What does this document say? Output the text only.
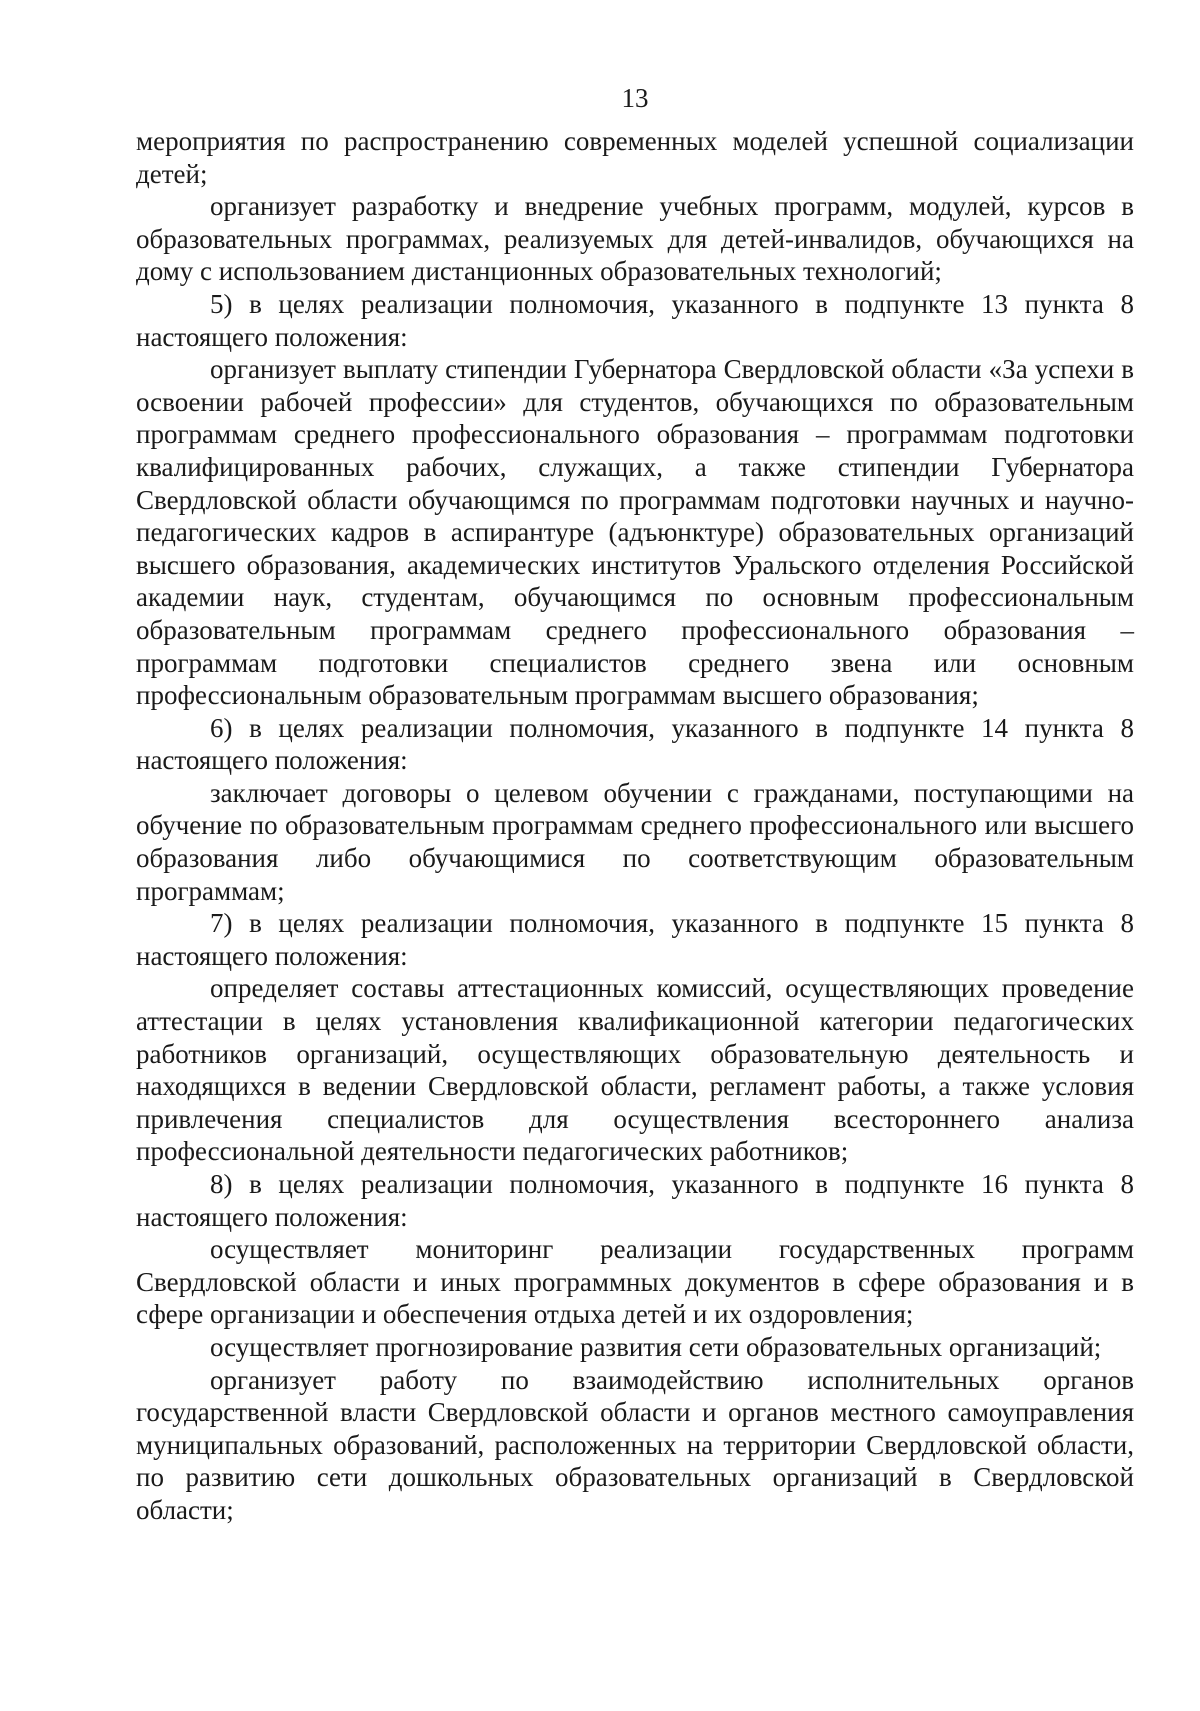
13

мероприятия по распространению современных моделей успешной социализации детей;

организует разработку и внедрение учебных программ, модулей, курсов в образовательных программах, реализуемых для детей-инвалидов, обучающихся на дому с использованием дистанционных образовательных технологий;

5) в целях реализации полномочия, указанного в подпункте 13 пункта 8 настоящего положения:

организует выплату стипендии Губернатора Свердловской области «За успехи в освоении рабочей профессии» для студентов, обучающихся по образовательным программам среднего профессионального образования – программам подготовки квалифицированных рабочих, служащих, а также стипендии Губернатора Свердловской области обучающимся по программам подготовки научных и научно-педагогических кадров в аспирантуре (адъюнктуре) образовательных организаций высшего образования, академических институтов Уральского отделения Российской академии наук, студентам, обучающимся по основным профессиональным образовательным программам среднего профессионального образования – программам подготовки специалистов среднего звена или основным профессиональным образовательным программам высшего образования;

6) в целях реализации полномочия, указанного в подпункте 14 пункта 8 настоящего положения:

заключает договоры о целевом обучении с гражданами, поступающими на обучение по образовательным программам среднего профессионального или высшего образования либо обучающимися по соответствующим образовательным программам;

7) в целях реализации полномочия, указанного в подпункте 15 пункта 8 настоящего положения:

определяет составы аттестационных комиссий, осуществляющих проведение аттестации в целях установления квалификационной категории педагогических работников организаций, осуществляющих образовательную деятельность и находящихся в ведении Свердловской области, регламент работы, а также условия привлечения специалистов для осуществления всестороннего анализа профессиональной деятельности педагогических работников;

8) в целях реализации полномочия, указанного в подпункте 16 пункта 8 настоящего положения:

осуществляет мониторинг реализации государственных программ Свердловской области и иных программных документов в сфере образования и в сфере организации и обеспечения отдыха детей и их оздоровления;

осуществляет прогнозирование развития сети образовательных организаций;

организует работу по взаимодействию исполнительных органов государственной власти Свердловской области и органов местного самоуправления муниципальных образований, расположенных на территории Свердловской области, по развитию сети дошкольных образовательных организаций в Свердловской области;
